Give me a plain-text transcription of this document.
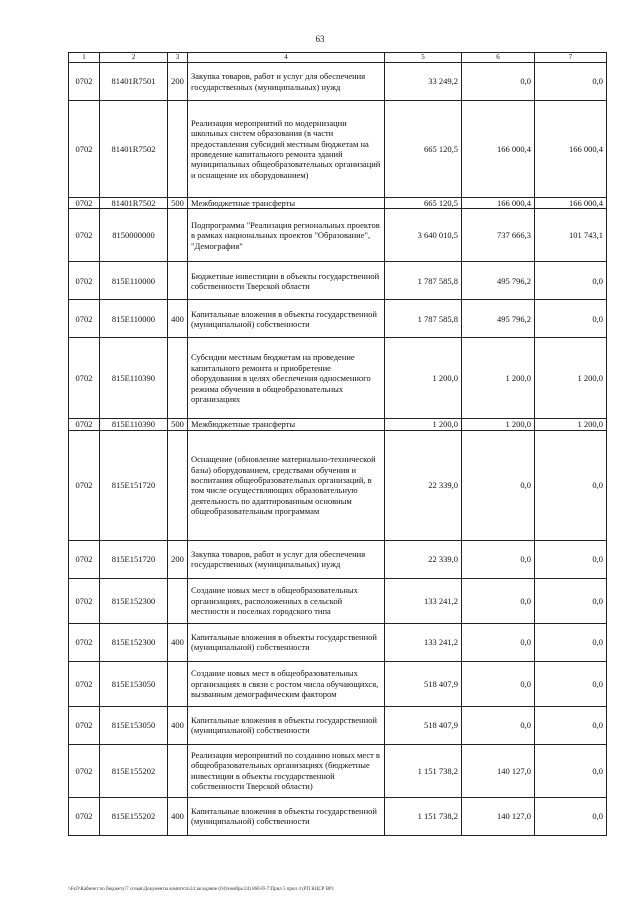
63
1	2	3	4	5	6	7
0702	81401R7501	200	Закупка товаров, работ и услуг для обеспечения государственных (муниципальных) нужд	33 249,2	0,0	0,0
0702	81401R7502		Реализация мероприятий по модернизации школьных систем образования (в части предоставления субсидий местным бюджетам на проведение капитального ремонта зданий муниципальных общеобразовательных организаций и оснащение их оборудованием)	665 120,5	166 000,4	166 000,4
0702	81401R7502	500	Межбюджетные трансферты	665 120,5	166 000,4	166 000,4
0702	8150000000		Подпрограмма "Реализация региональных проектов в рамках национальных проектов "Образование", "Демография"	3 640 010,5	737 666,3	101 743,1
0702	815E110000		Бюджетные инвестиции в объекты государственной собственности Тверской области	1 787 585,8	495 796,2	0,0
0702	815E110000	400	Капитальные вложения в объекты государственной (муниципальной) собственности	1 787 585,8	495 796,2	0,0
0702	815E110390		Субсидии местным бюджетам на проведение капитального ремонта и приобретение оборудования в целях обеспечения односменного режима обучения в общеобразовательных организациях	1 200,0	1 200,0	1 200,0
0702	815E110390	500	Межбюджетные трансферты	1 200,0	1 200,0	1 200,0
0702	815E151720		Оснащение (обновление материально-технической базы) оборудованием, средствами обучения и воспитания общеобразовательных организаций, в том числе осуществляющих образовательную деятельность по адаптированным основным общеобразовательным программам	22 339,0	0,0	0,0
0702	815E151720	200	Закупка товаров, работ и услуг для обеспечения государственных (муниципальных) нужд	22 339,0	0,0	0,0
0702	815E152300		Создание новых мест в общеобразовательных организациях, расположенных в сельской местности и поселках городского типа	133 241,2	0,0	0,0
0702	815E152300	400	Капитальные вложения в объекты государственной (муниципальной) собственности	133 241,2	0,0	0,0
0702	815E153050		Создание новых мест в общеобразовательных организациях в связи с ростом числа обучающихся, вызванным демографическим фактором	518 407,9	0,0	0,0
0702	815E153050	400	Капитальные вложения в объекты государственной (муниципальной) собственности	518 407,9	0,0	0,0
0702	815E155202		Реализация мероприятий по созданию новых мест в общеобразовательных организациях (бюджетные инвестиции в объекты государственной собственности Тверской области)	1 151 738,2	140 127,0	0,0
0702	815E155202	400	Капитальные вложения в объекты государственной (муниципальной) собственности	1 151 738,2	140 127,0	0,0
\\FsO\Кабинет по бюджету\7 созыв\Документы комитета\24 заседание (04)\ноябрь\24) 860-П-7\Прил 5 прил 4 (РП КЦСР ВР)
